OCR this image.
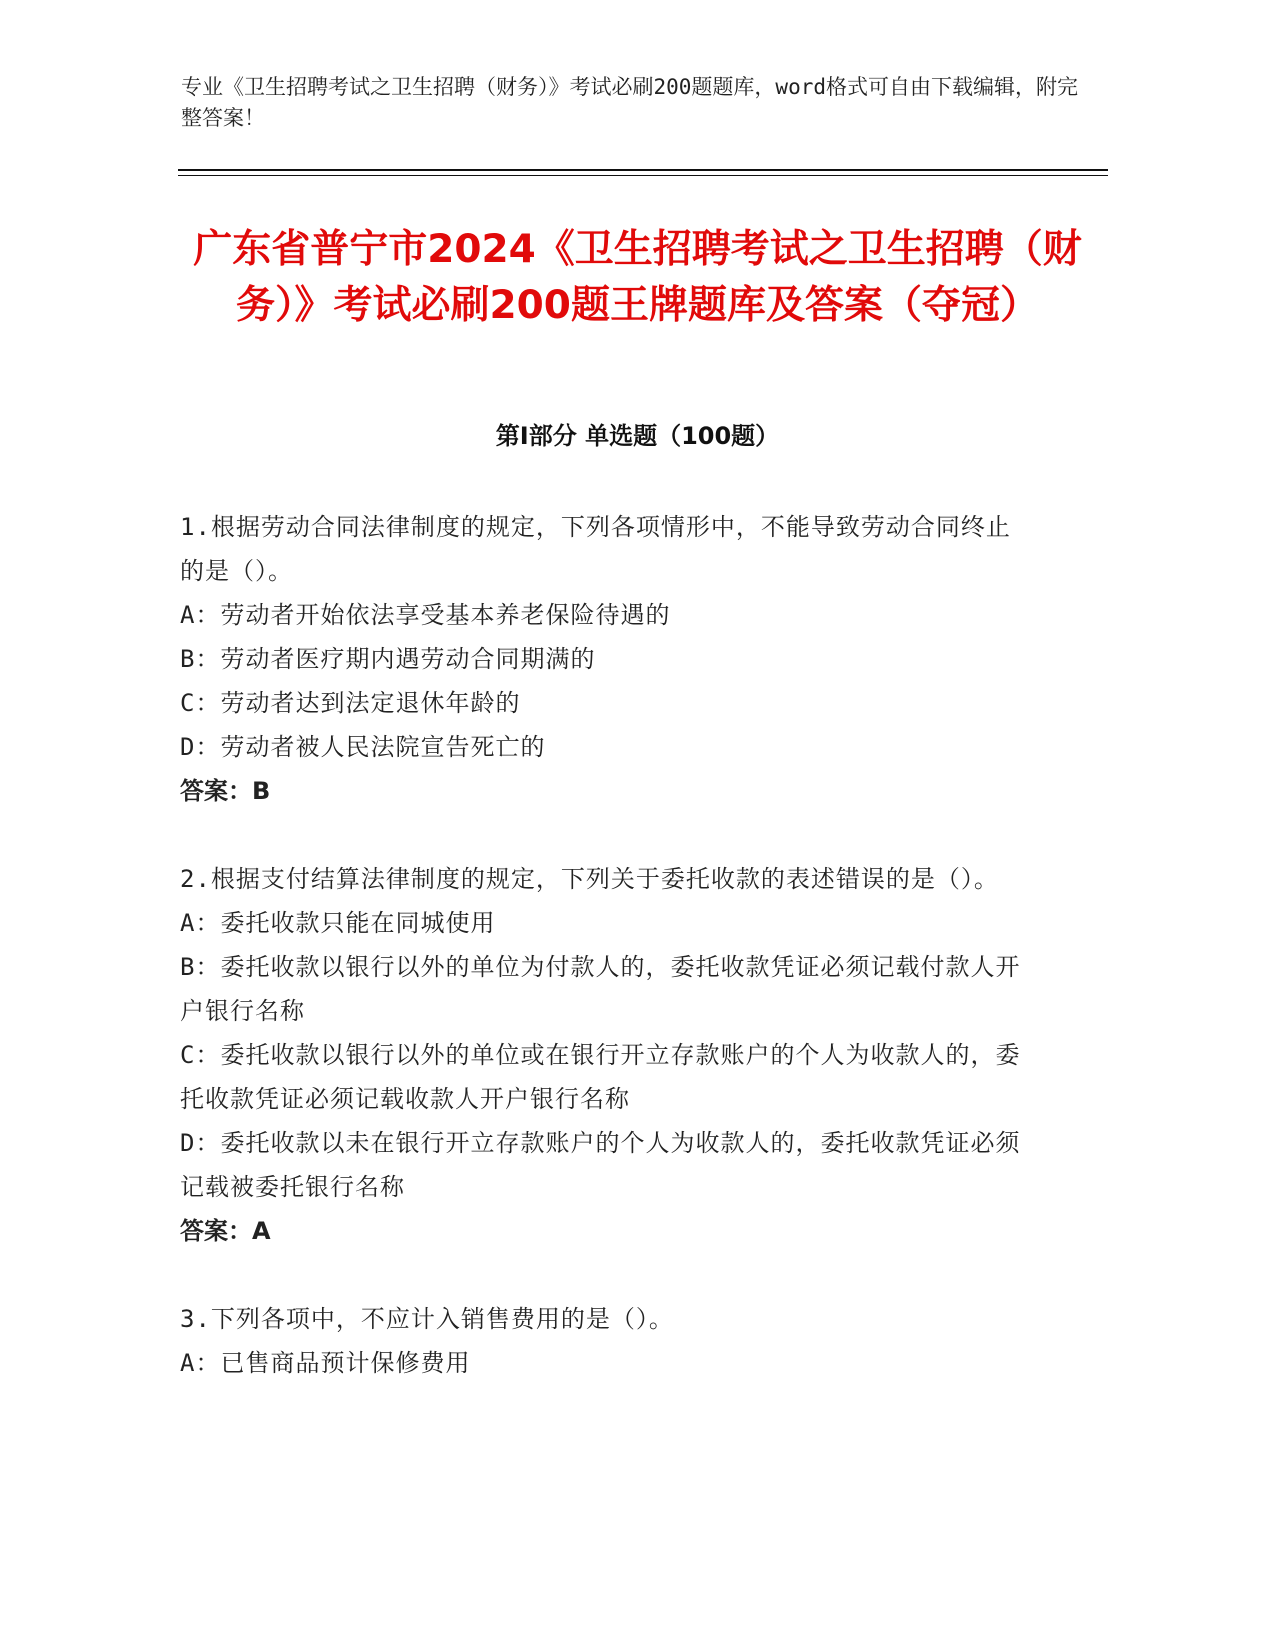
专业《卫生招聘考试之卫生招聘（财务）》考试必刷200题题库，word格式可自由下载编辑，附完整答案！
广东省普宁市2024《卫生招聘考试之卫生招聘（财务）》考试必刷200题王牌题库及答案（夺冠）
第Ⅰ部分 单选题（100题）

1.根据劳动合同法律制度的规定，下列各项情形中，不能导致劳动合同终止的是（）。

A：劳动者开始依法享受基本养老保险待遇的

B：劳动者医疗期内遇劳动合同期满的

C：劳动者达到法定退休年龄的

D：劳动者被人民法院宣告死亡的

答案：B

2.根据支付结算法律制度的规定，下列关于委托收款的表述错误的是（）。

A：委托收款只能在同城使用

B：委托收款以银行以外的单位为付款人的，委托收款凭证必须记载付款人开户银行名称

C：委托收款以银行以外的单位或在银行开立存款账户的个人为收款人的，委托收款凭证必须记载收款人开户银行名称

D：委托收款以未在银行开立存款账户的个人为收款人的，委托收款凭证必须记载被委托银行名称

答案：A

3.下列各项中，不应计入销售费用的是（）。

A：已售商品预计保修费用
